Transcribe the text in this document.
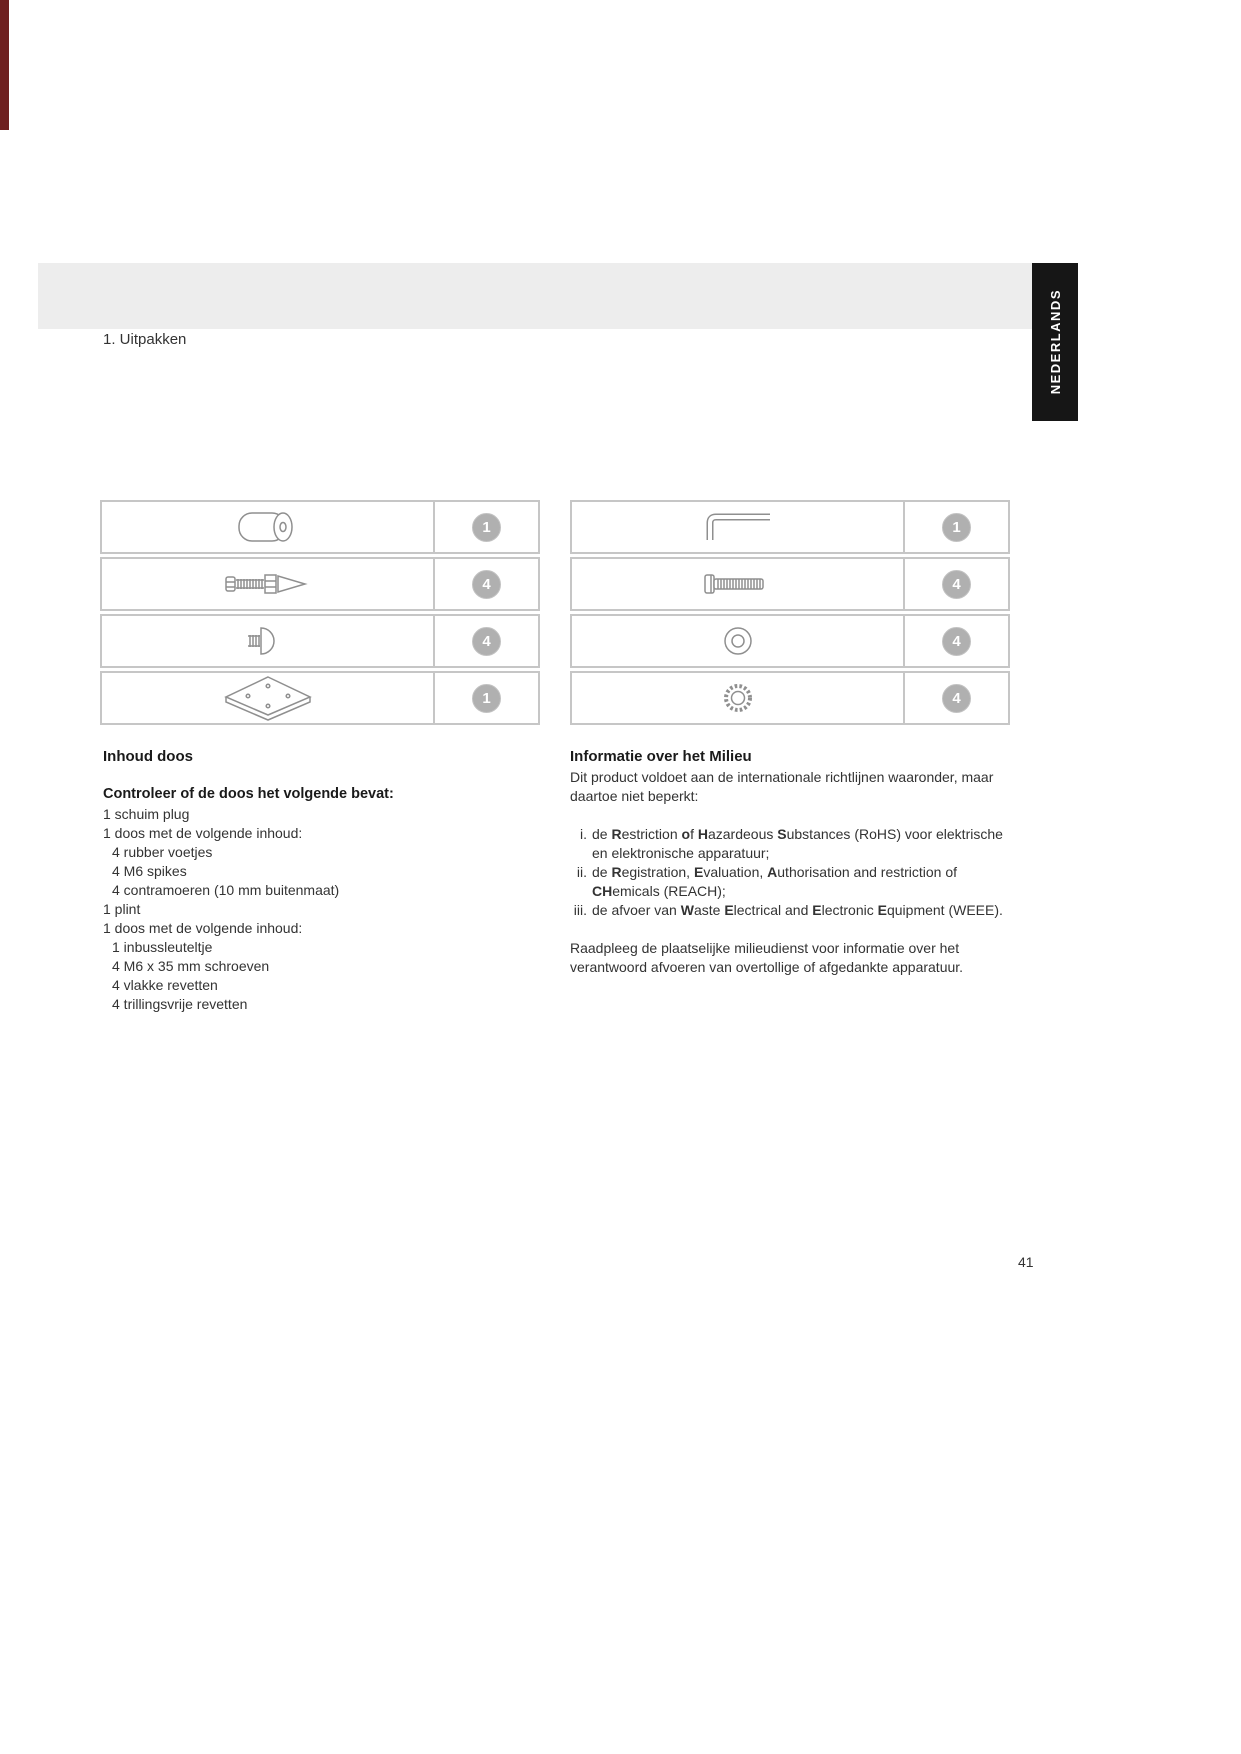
NEDERLANDS
1. Uitpakken
1
4
4
1
1
4
4
4
Inhoud doos
Controleer of de doos het volgende bevat:
1 schuim plug
1 doos met de volgende inhoud:
4 rubber voetjes
4 M6 spikes
4 contramoeren (10 mm buitenmaat)
1 plint
1 doos met de volgende inhoud:
1 inbussleuteltje
4 M6 x 35 mm schroeven
4 vlakke revetten
4 trillingsvrije revetten
Informatie over het Milieu

Dit product voldoet aan de internationale richtlijnen waaronder, maar daartoe niet beperkt:

i. de Restriction of Hazardeous Substances (RoHS) voor elektrische en elektronische apparatuur;
ii. de Registration, Evaluation, Authorisation and restriction of CHemicals (REACH);
iii. de afvoer van Waste Electrical and Electronic Equipment (WEEE).

Raadpleeg de plaatselijke milieudienst voor informatie over het verantwoord afvoeren van overtollige of afgedankte apparatuur.

41
